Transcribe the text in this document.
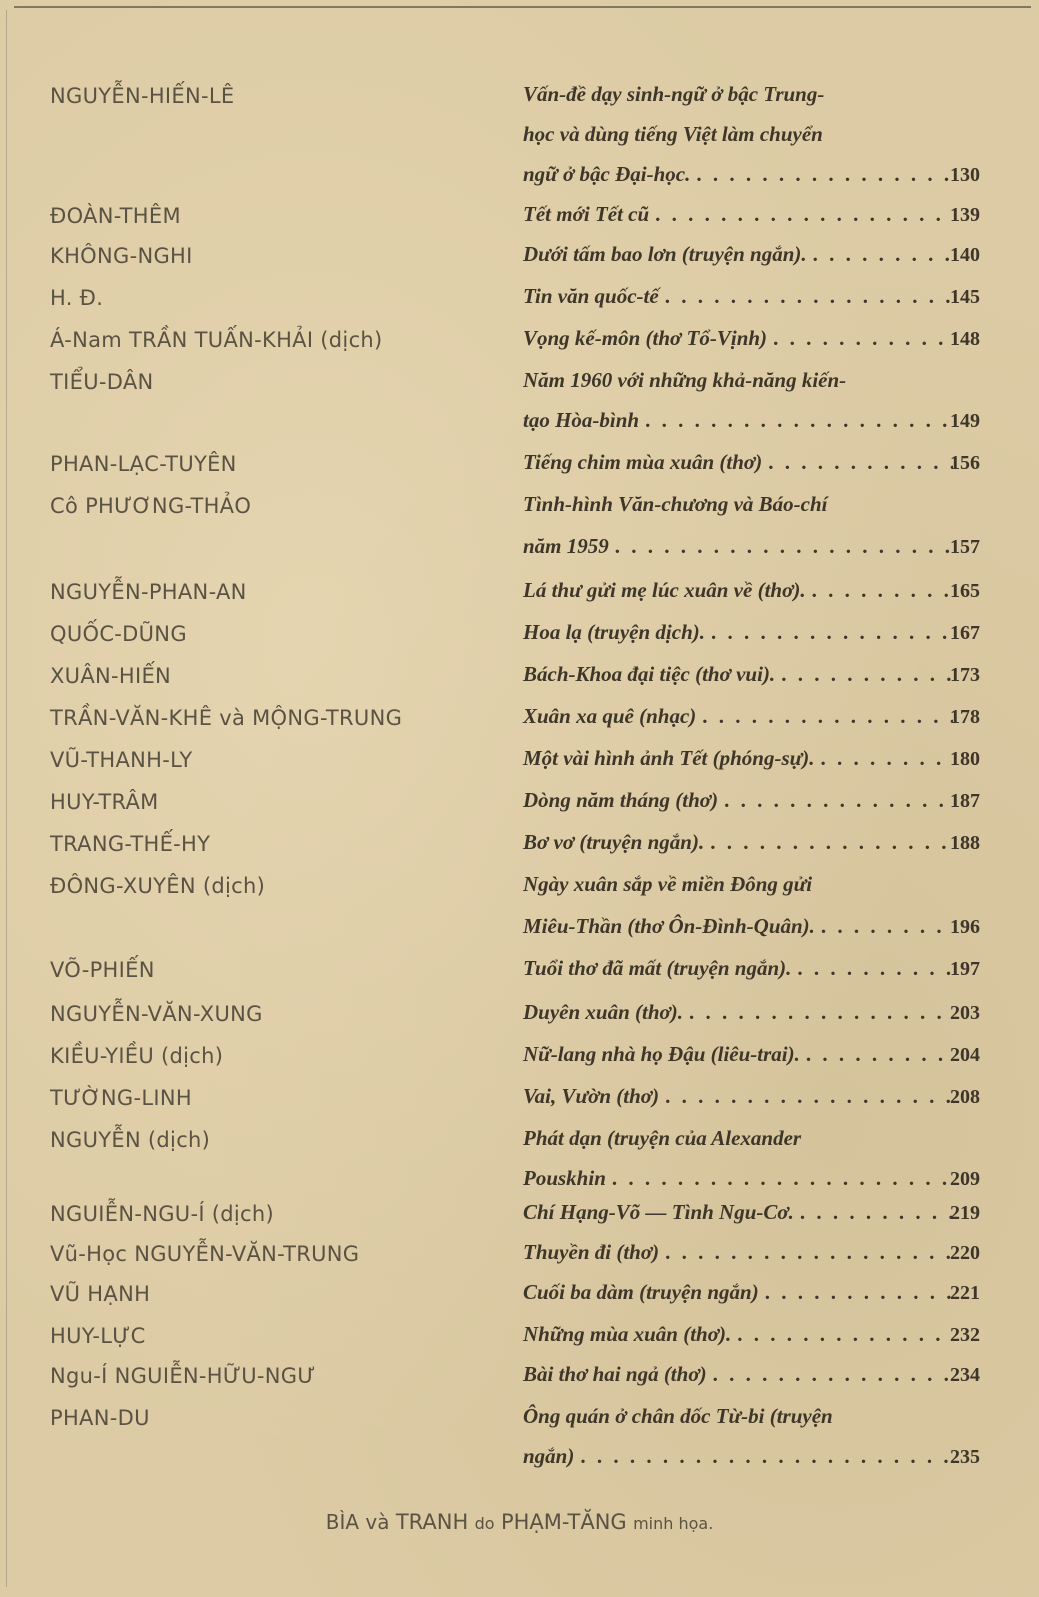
NGUYỄN-HIẾN-LÊ	Vấn-đề dạy sinh-ngữ ở bậc Trung-
học và dùng tiếng Việt làm chuyển
ngữ ở bậc Đại-học. . . .	130
ĐOÀN-THÊM	Tết mới Tết cũ . . .	139
KHÔNG-NGHI	Dưới tấm bao lơn (truyện ngắn). . . .	140
H. Đ.	Tin văn quốc-tế . . .	145
Á-Nam TRẦN TUẤN-KHẢI (dịch)	Vọng kế-môn (thơ Tổ-Vịnh) . . .	148
TIỂU-DÂN	Năm 1960 với những khả-năng kiến-
tạo Hòa-bình . . .	149
PHAN-LẠC-TUYÊN	Tiếng chim mùa xuân (thơ) . . .	156
Cô PHƯƠNG-THẢO	Tình-hình Văn-chương và Báo-chí
năm 1959 . . .	157
NGUYỄN-PHAN-AN	Lá thư gửi mẹ lúc xuân về (thơ). . . .	165
QUỐC-DŨNG	Hoa lạ (truyện dịch). . . .	167
XUÂN-HIẾN	Bách-Khoa đại tiệc (thơ vui). . . .	173
TRẦN-VĂN-KHÊ và MỘNG-TRUNG	Xuân xa quê (nhạc) . . .	178
VŨ-THANH-LY	Một vài hình ảnh Tết (phóng-sự). . . .	180
HUY-TRÂM	Dòng năm tháng (thơ) . . .	187
TRANG-THẾ-HY	Bơ vơ (truyện ngắn). . . .	188
ĐÔNG-XUYÊN (dịch)	Ngày xuân sắp về miền Đông gửi
Miêu-Thần (thơ Ôn-Đình-Quân). . . .	196
VÕ-PHIẾN	Tuổi thơ đã mất (truyện ngắn). . . .	197
NGUYỄN-VĂN-XUNG	Duyên xuân (thơ). . . .	203
KIỀU-YIỀU (dịch)	Nữ-lang nhà họ Đậu (liêu-trai). . . .	204
TƯỜNG-LINH	Vai, Vườn (thơ) . . .	208
NGUYỄN (dịch)	Phát dạn (truyện của Alexander
Pouskhin . . .	209
NGUIỄN-NGU-Í (dịch)	Chí Hạng-Võ — Tình Ngu-Cơ. . . .	219
Vũ-Học NGUYỄN-VĂN-TRUNG	Thuyền đi (thơ) . . .	220
VŨ HẠNH	Cuối ba dàm (truyện ngắn) . . .	221
HUY-LỰC	Những mùa xuân (thơ). . . .	232
Ngu-Í NGUIỄN-HỮU-NGƯ	Bài thơ hai ngả (thơ) . . .	234
PHAN-DU	Ông quán ở chân dốc Từ-bi (truyện
ngắn) . . .	235
BÌA và TRANH do PHẠM-TĂNG minh họa.
